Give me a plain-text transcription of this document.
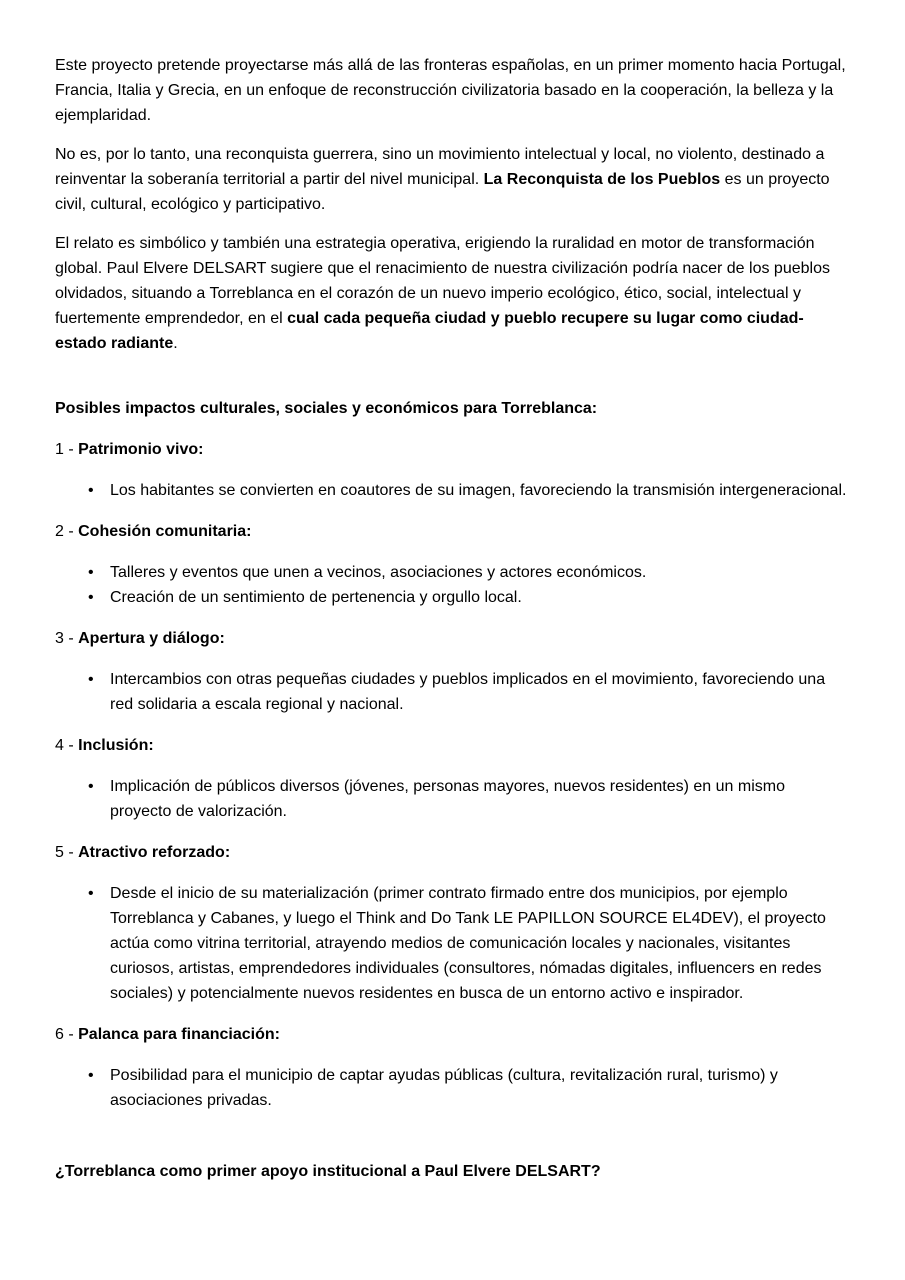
Este proyecto pretende proyectarse más allá de las fronteras españolas, en un primer momento hacia Portugal, Francia, Italia y Grecia, en un enfoque de reconstrucción civilizatoria basado en la cooperación, la belleza y la ejemplaridad.

No es, por lo tanto, una reconquista guerrera, sino un movimiento intelectual y local, no violento, destinado a reinventar la soberanía territorial a partir del nivel municipal. La Reconquista de los Pueblos es un proyecto civil, cultural, ecológico y participativo.

El relato es simbólico y también una estrategia operativa, erigiendo la ruralidad en motor de transformación global. Paul Elvere DELSART sugiere que el renacimiento de nuestra civilización podría nacer de los pueblos olvidados, situando a Torreblanca en el corazón de un nuevo imperio ecológico, ético, social, intelectual y fuertemente emprendedor, en el cual cada pequeña ciudad y pueblo recupere su lugar como ciudad-estado radiante.

Posibles impactos culturales, sociales y económicos para Torreblanca:

1 - Patrimonio vivo:

• Los habitantes se convierten en coautores de su imagen, favoreciendo la transmisión intergeneracional.

2 - Cohesión comunitaria:

• Talleres y eventos que unen a vecinos, asociaciones y actores económicos.
• Creación de un sentimiento de pertenencia y orgullo local.

3 - Apertura y diálogo:

• Intercambios con otras pequeñas ciudades y pueblos implicados en el movimiento, favoreciendo una red solidaria a escala regional y nacional.

4 - Inclusión:

• Implicación de públicos diversos (jóvenes, personas mayores, nuevos residentes) en un mismo proyecto de valorización.

5 - Atractivo reforzado:

• Desde el inicio de su materialización (primer contrato firmado entre dos municipios, por ejemplo Torreblanca y Cabanes, y luego el Think and Do Tank LE PAPILLON SOURCE EL4DEV), el proyecto actúa como vitrina territorial, atrayendo medios de comunicación locales y nacionales, visitantes curiosos, artistas, emprendedores individuales (consultores, nómadas digitales, influencers en redes sociales) y potencialmente nuevos residentes en busca de un entorno activo e inspirador.

6 - Palanca para financiación:

• Posibilidad para el municipio de captar ayudas públicas (cultura, revitalización rural, turismo) y asociaciones privadas.

¿Torreblanca como primer apoyo institucional a Paul Elvere DELSART?
